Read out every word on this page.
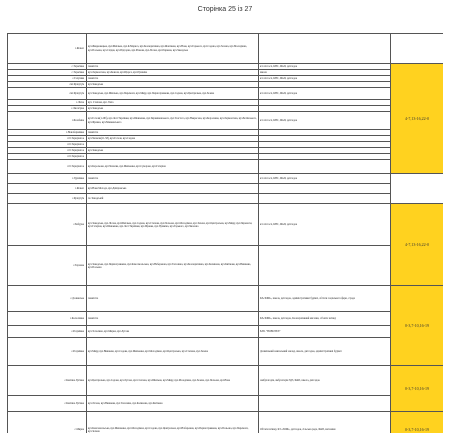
Сторінка 25 із 27
с.Кічкас	вул.Жидковецька, вул.Шкільна, вул.К.Маркса, вул.Кооперативна, вул.Жовтнева, вул.Нова, вул.Горького, вул.Садова, вул.Зелена, вул.Молодіжна, вул.Польова, вул.Східна, вул.Підгорна, вул.Річкова, вул.Лісова, вул.Паркова, вул.Заводська			
с.Тарасівка	повністю	к/п лісгосп, КНС, ФАП, дитсадок	4-7,13-16,22-0	
с.Тарасівка	вул.Лермонтова, вул.Коваля, вул.Щорса, вул.Пушкіна	школа		
с.Галушки	повністю	к/п лісгосп, КНС, ФАП, дитсадок		
смт.Кушугум	вул.Заводська			
смт.Кушугум	вул.Заводська, вул.Шкільна, вул.Перемоги, вул.Миру, вул.Першотравнева, вул.Садова, вул.Центральна, вул.Зелена	к/п лісгосп, КНС, ФАП, дитсадок		
с.Лісне	вул. Степова, вул. Тиха			
с.Лисогірка	вул.Заводська			
с.Балабине	вул.Гоголя(1-26б), вул.Лесі Українки, вул.Шевченка, вул.Чернишевського, вул.Толстого, вул.Некрасова, вул.Короленка, вул.Лермонтова, вул.Бєлінського, вул.Франка, вул.Маяковського	к/п лісгосп, КНС, ФАП, дитсадок		
с.Новобаранівка	повністю			
пгт.Тернуватое	вул.Чапаєва(11-58), вул.Гоголя, вул.Садова			
пгт.Тернуватое				
пгт.Тернуватое	вул.Заводська			
пгт.Тернуватое				
пгт.Тернуватое	вул.Корольова, вул.Чапаєва, вул.Шевченка, вул.Суворова, вул.Гагаріна		
с.Грушівка	повністю	к/п лісгосп, КНС, ФАП, дитсадок		
с.Кічкас	вул.Нова Молода, вул.Дніпровська			
с.Кушугум	по Заводській			
с.Бабурка	вул.Заводська, вул.Лісова, вул.Шкільна, вул.Садова, вул.Степова, вул.Польова, вул.Молодіжна, вул.Зелена, вул.Центральна, вул.Миру, вул.Перемоги, вул.Гагаріна, вул.Шевченка, вул.Лесі Українки, вул.Франка, вул.Пушкіна, вул.Горького, вул.Чкалова	к/п лісгосп, КНС, ФАП, дитсадок	4-7,13-16,22-0	
с.Тернове	вул.Заводська, вул.Першотравнева, вул.Комсомольська, вул.Набережна, вул.Тополина, вул.Кооперативна, вул.Калинова, вул.Квіткова, вул.Вишнева, вул.Польова			
с.Долинське	повністю	КЗ«ЗОШ», школа, дитсадок, адміністративні будівлі, об'єкти соціальної сфери, с/рада	0-3,7-10,16-19	
с.Колосківка	повністю	КЗ«ЗОШ», школа, дитсадок, Кооперативний магазин, об'єкти зв'язку		
с.Розумівка	вул.Тополина, вул.Мирна, вул.Лугова	Б.Ю. "НОВОТЕЛ"		
с.Розумівка	вул.Миру, вул.Вишнева, вул.Садова, вул.Шевченка, вул.Молодіжна, вул.Центральна, вул.Степова, вул.Зелена	Дошкільний навчальний заклад, школа, дитсадок, адміністративні будівлі		
с.Кам'яна Лугівка	вул.Центральна, вул.Садова, вул.Лугова, вул.Степова, вул.Шкільна, вул.Миру, вул.Молодіжна, вул.Зелена, вул.Польова, вул.Нова	Амбулаторія, амбулаторія ЗДЗ, ФАП, школа, дитсадок	0-3,7-10,16-19	
с.Кам'яна Лугівка	вул.Лісова, вул.Вишнева, вул.Тополина, вул.Калинова, вул.Квіткова			
с.Мирне	вул.Комсомольська, вул.Шевченка, вул.Молодіжна, вул.Садова, вул.Центральна, вул.Набережна, вул.Першотравнева, вул.Польова, вул.Перемоги, вул.Зелена	Об'єкти зв'язку, КЗ «ЗОШ», дитсадок, сільська рада, ФАП, магазини	0-3,7-10,16-19	
